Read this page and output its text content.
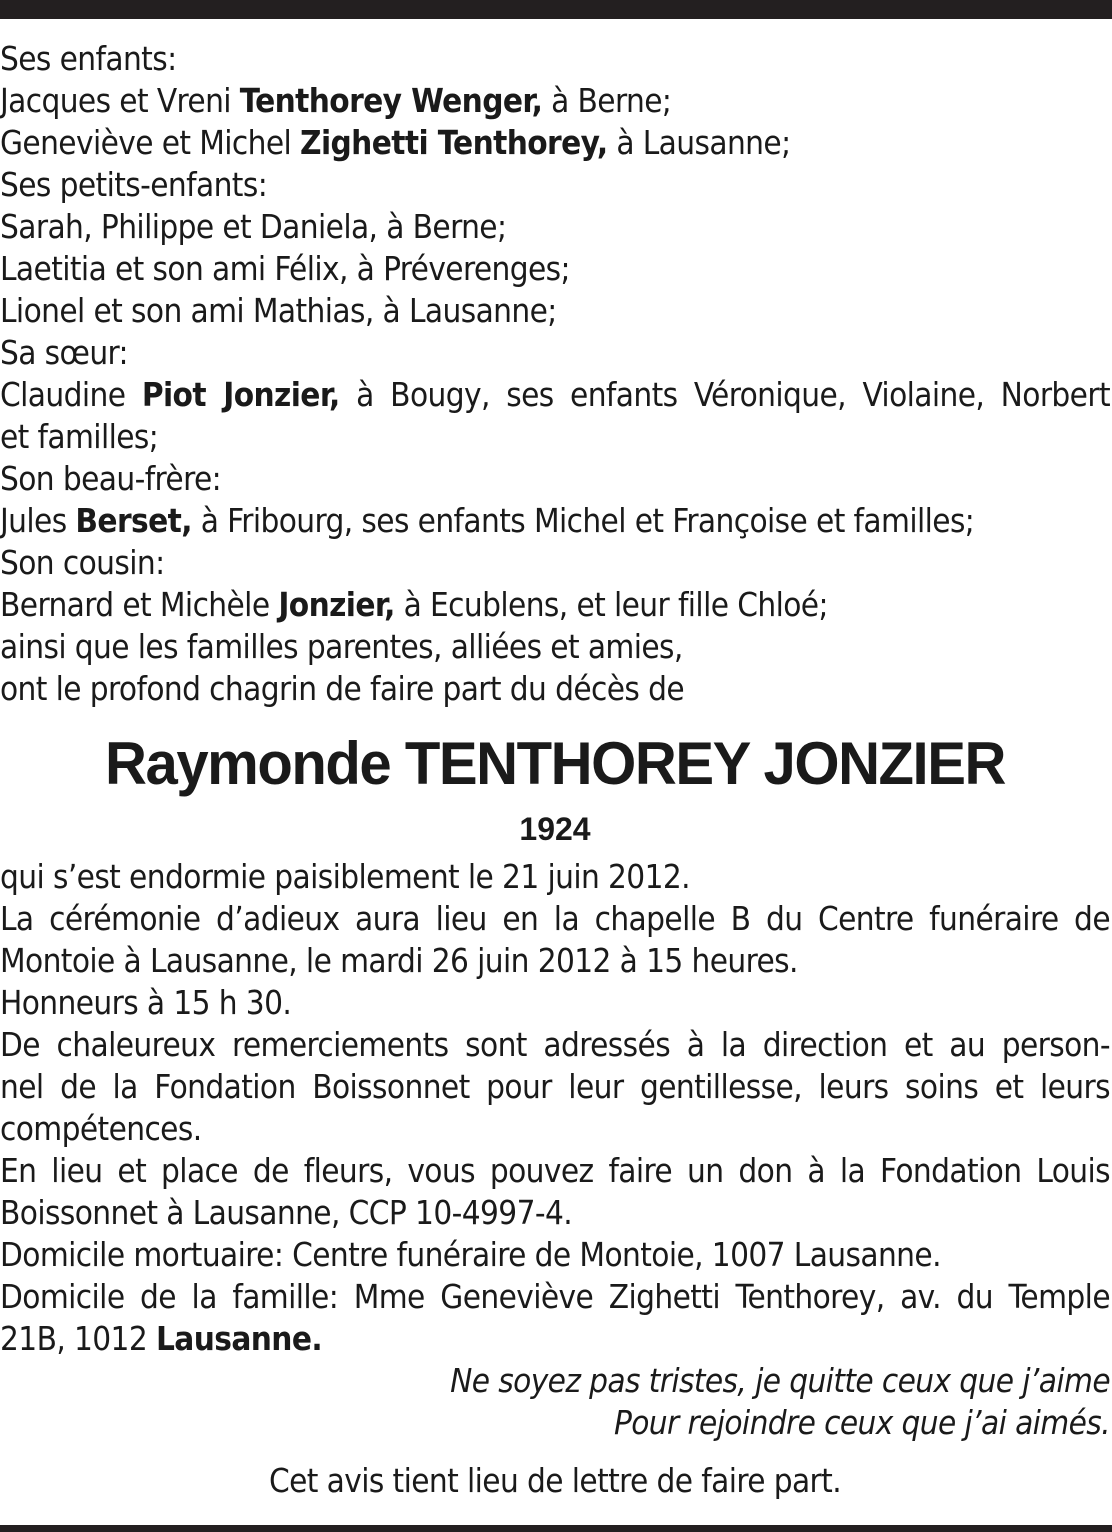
Ses enfants:
Jacques et Vreni Tenthorey Wenger, à Berne;
Geneviève et Michel Zighetti Tenthorey, à Lausanne;
Ses petits-enfants:
Sarah, Philippe et Daniela, à Berne;
Laetitia et son ami Félix, à Préverenges;
Lionel et son ami Mathias, à Lausanne;
Sa sœur:
Claudine Piot Jonzier, à Bougy, ses enfants Véronique, Violaine, Norbert
et familles;
Son beau-frère:
Jules Berset, à Fribourg, ses enfants Michel et Françoise et familles;
Son cousin:
Bernard et Michèle Jonzier, à Ecublens, et leur fille Chloé;
ainsi que les familles parentes, alliées et amies,
ont le profond chagrin de faire part du décès de
Raymonde TENTHOREY JONZIER
1924
qui s’est endormie paisiblement le 21 juin 2012.
La cérémonie d’adieux aura lieu en la chapelle B du Centre funéraire de
Montoie à Lausanne, le mardi 26 juin 2012 à 15 heures.
Honneurs à 15 h 30.
De chaleureux remerciements sont adressés à la direction et au person-
nel de la Fondation Boissonnet pour leur gentillesse, leurs soins et leurs
compétences.
En lieu et place de fleurs, vous pouvez faire un don à la Fondation Louis
Boissonnet à Lausanne, CCP 10-4997-4.
Domicile mortuaire: Centre funéraire de Montoie, 1007 Lausanne.
Domicile de la famille: Mme Geneviève Zighetti Tenthorey, av. du Temple
21B, 1012 Lausanne.
Ne soyez pas tristes, je quitte ceux que j’aime
Pour rejoindre ceux que j’ai aimés.
Cet avis tient lieu de lettre de faire part.
